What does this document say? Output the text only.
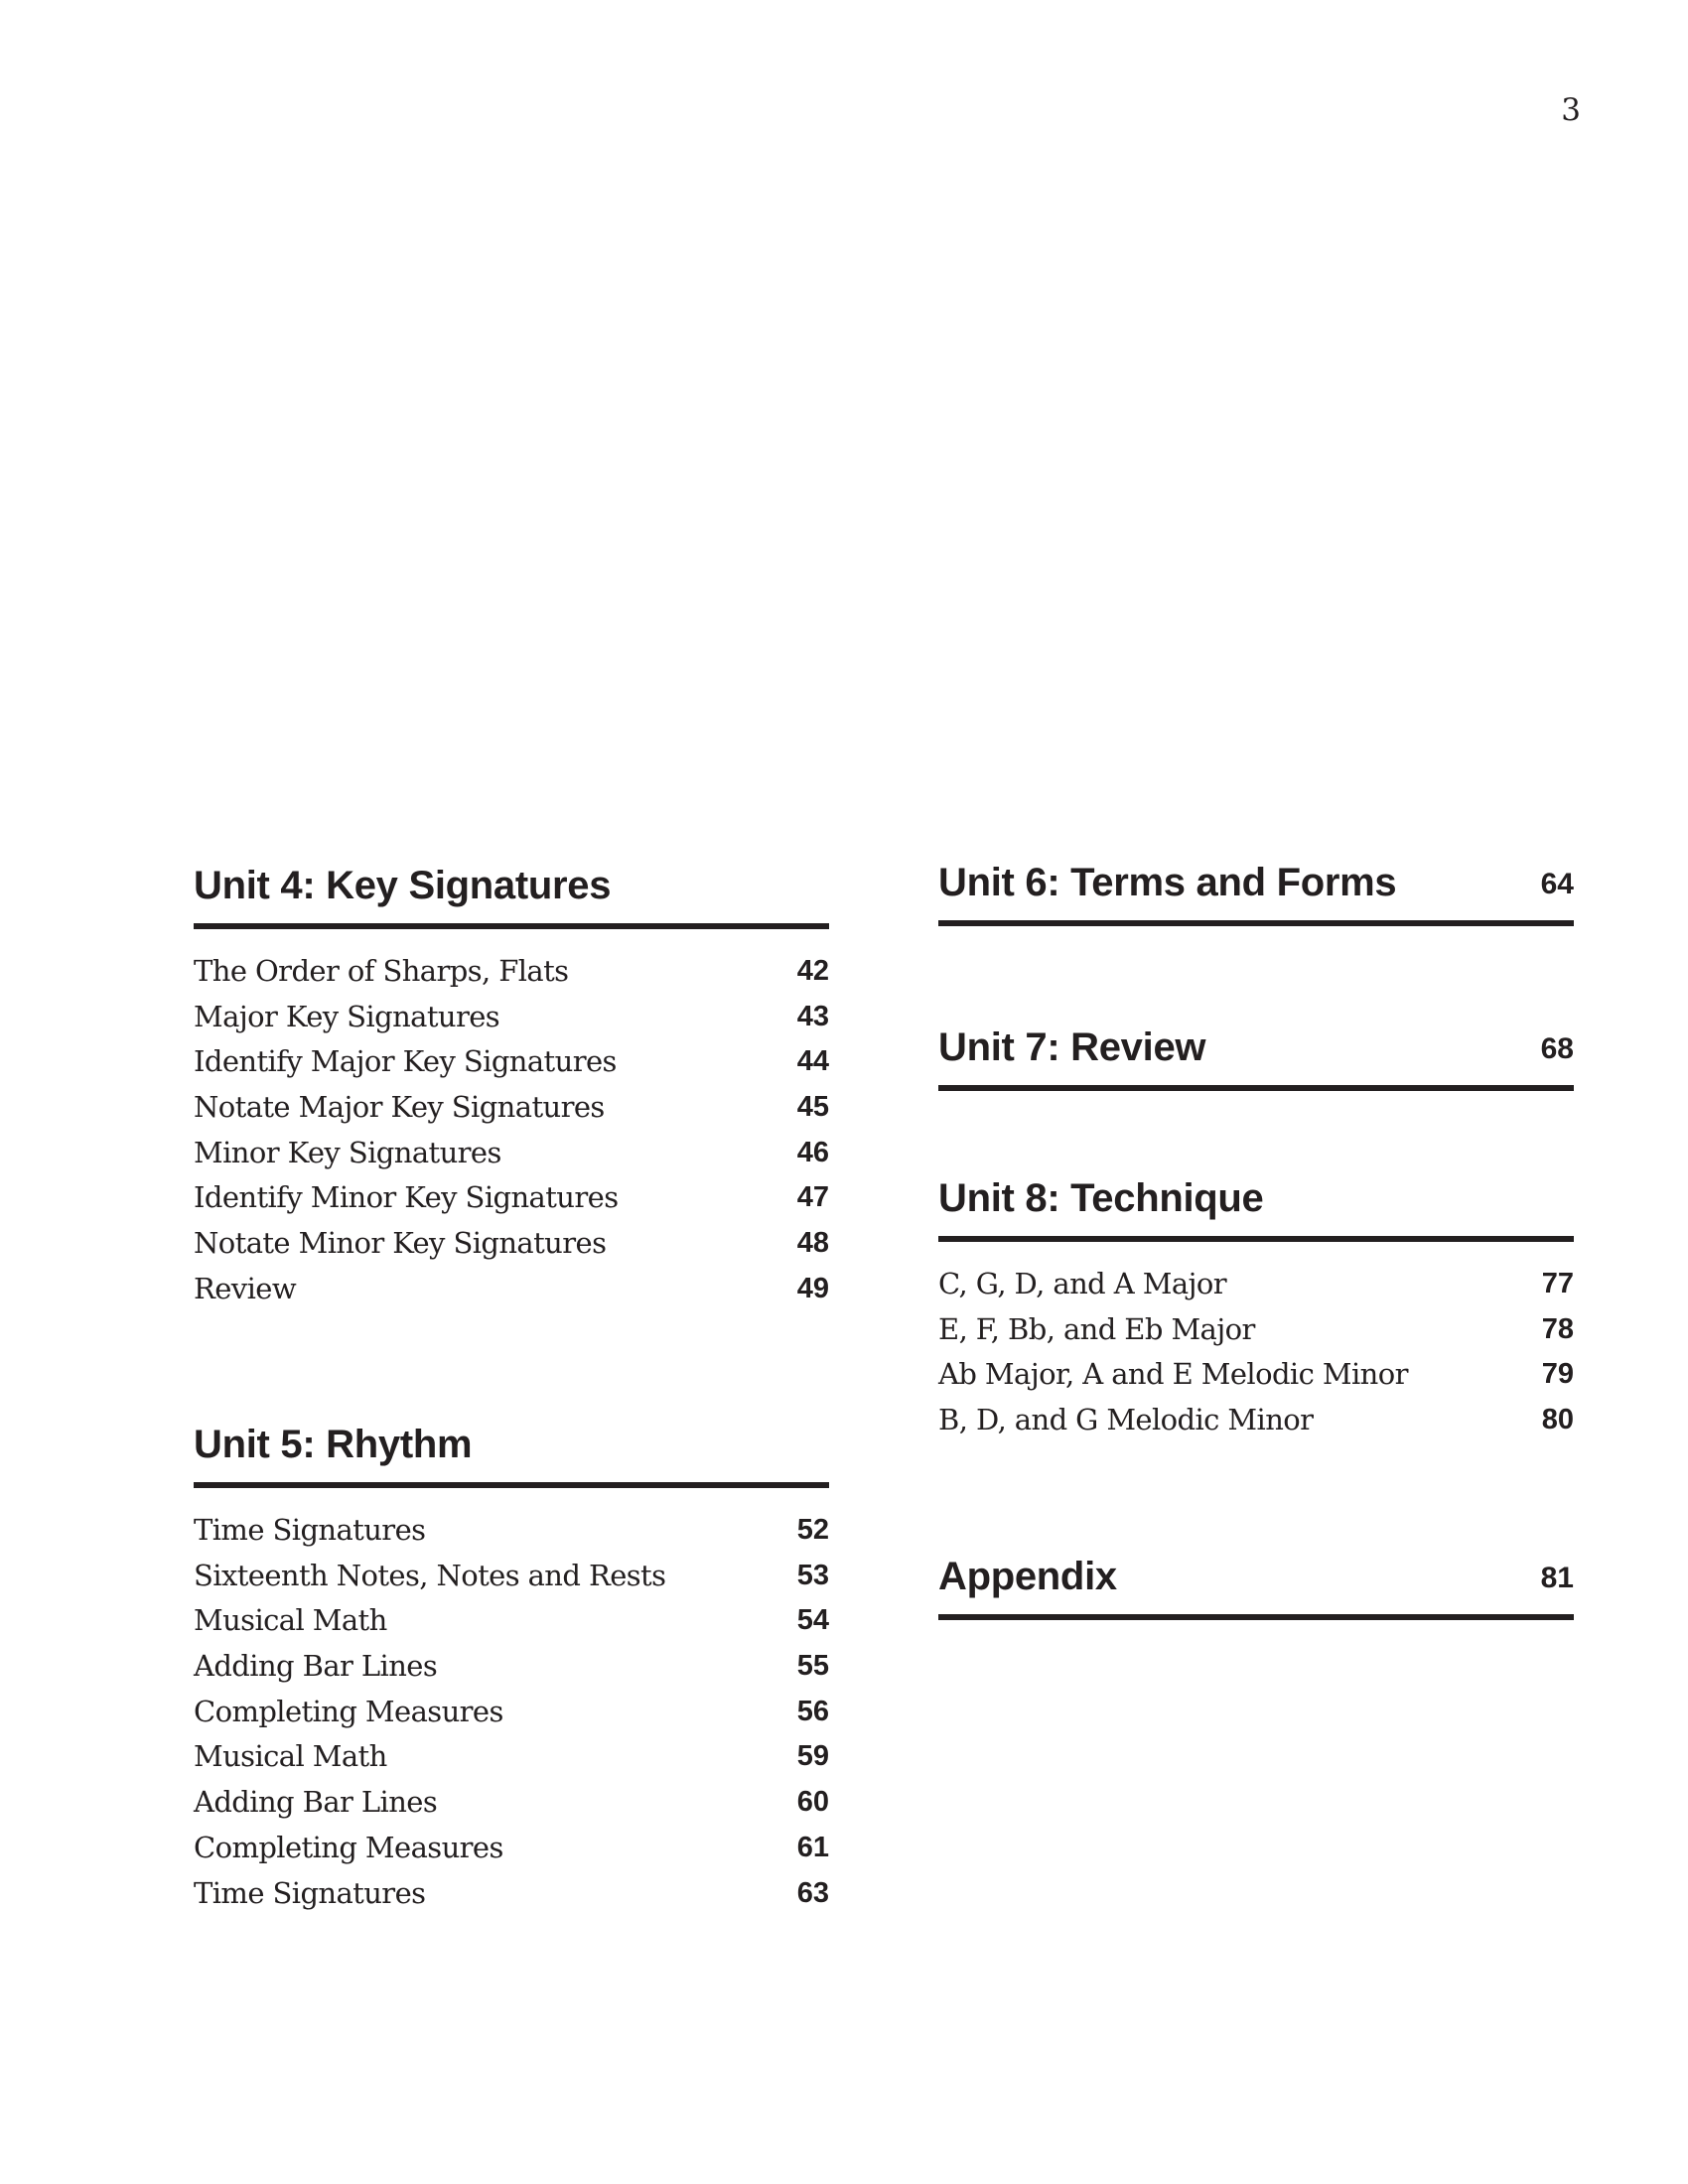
3
Unit 4: Key Signatures
The Order of Sharps, Flats	42
Major Key Signatures	43
Identify Major Key Signatures	44
Notate Major Key Signatures	45
Minor Key Signatures	46
Identify Minor Key Signatures	47
Notate Minor Key Signatures	48
Review	49
Unit 5: Rhythm
Time Signatures	52
Sixteenth Notes, Notes and Rests	53
Musical Math	54
Adding Bar Lines	55
Completing Measures	56
Musical Math	59
Adding Bar Lines	60
Completing Measures	61
Time Signatures	63
Unit 6: Terms and Forms	64
Unit 7: Review	68
Unit 8: Technique
C, G, D, and A Major	77
E, F, Bb, and Eb Major	78
Ab Major, A and E Melodic Minor	79
B, D, and G Melodic Minor	80
Appendix	81
